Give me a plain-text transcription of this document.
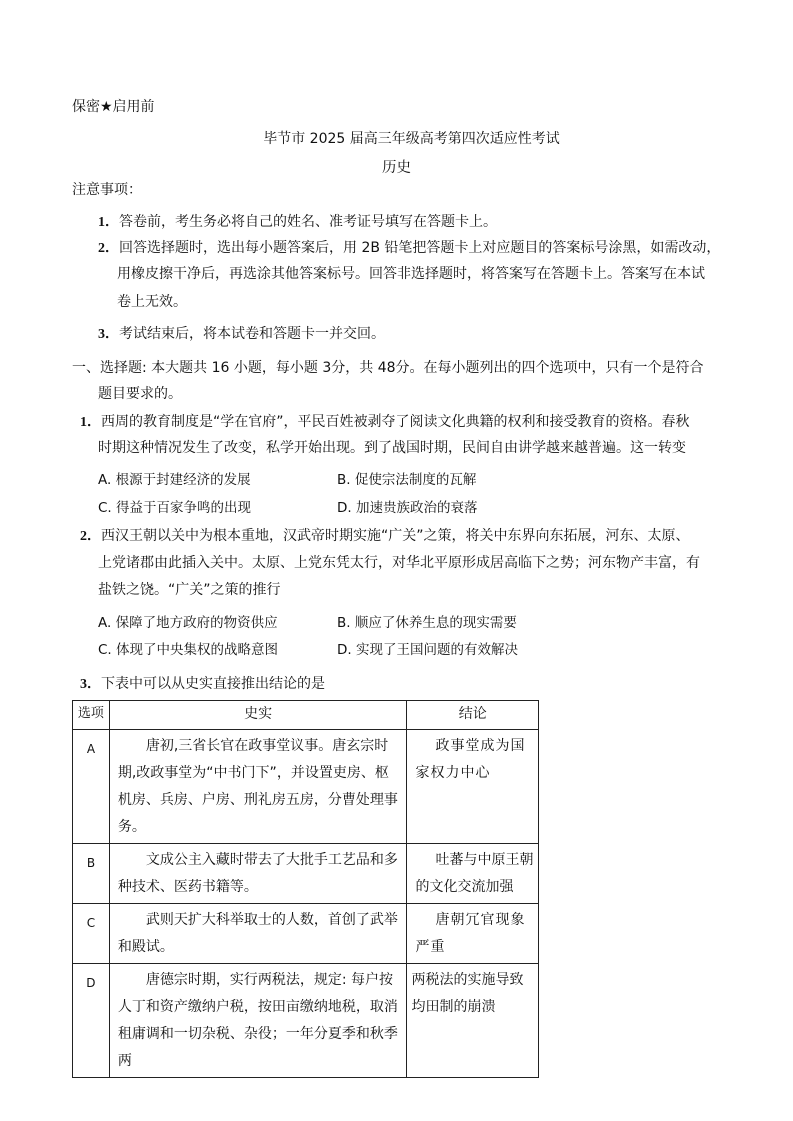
保密★启用前
毕节市 2025 届高三年级高考第四次适应性考试
历史
注意事项：
1．答卷前，考生务必将自己的姓名、准考证号填写在答题卡上。
2．回答选择题时，选出每小题答案后，用 2B 铅笔把答题卡上对应题目的答案标号涂黑，如需改动，
用橡皮擦干净后，再选涂其他答案标号。回答非选择题时，将答案写在答题卡上。答案写在本试
卷上无效。
3．考试结束后，将本试卷和答题卡一并交回。
一、选择题: 本大题共 16 小题，每小题 3分，共 48分。在每小题列出的四个选项中，只有一个是符合
题目要求的。
1．西周的教育制度是“学在官府”，平民百姓被剥夺了阅读文化典籍的权利和接受教育的资格。春秋
时期这种情况发生了改变，私学开始出现。到了战国时期，民间自由讲学越来越普遍。这一转变
A. 根源于封建经济的发展	B. 促使宗法制度的瓦解
C. 得益于百家争鸣的出现	D. 加速贵族政治的衰落
2．西汉王朝以关中为根本重地，汉武帝时期实施“广关”之策，将关中东界向东拓展，河东、太原、
上党诸郡由此插入关中。太原、上党东凭太行，对华北平原形成居高临下之势；河东物产丰富，有
盐铁之饶。“广关”之策的推行
A. 保障了地方政府的物资供应	B. 顺应了休养生息的现实需要
C. 体现了中央集权的战略意图	D. 实现了王国问题的有效解决
3．下表中可以从史实直接推出结论的是
选项	史实	结论

A	唐初,三省长官在政事堂议事。唐玄宗时期,改政事堂为“中书门下”，并设置吏房、枢机房、兵房、户房、刑礼房五房，分曹处理事务。	政事堂成为国家权力中心

B	文成公主入藏时带去了大批手工艺品和多种技术、医药书籍等。	吐蕃与中原王朝的文化交流加强

C	武则天扩大科举取士的人数，首创了武举和殿试。	唐朝冗官现象严重

D	唐德宗时期，实行两税法，规定: 每户按人丁和资产缴纳户税，按田亩缴纳地税，取消租庸调和一切杂税、杂役；一年分夏季和秋季两	两税法的实施导致均田制的崩溃
